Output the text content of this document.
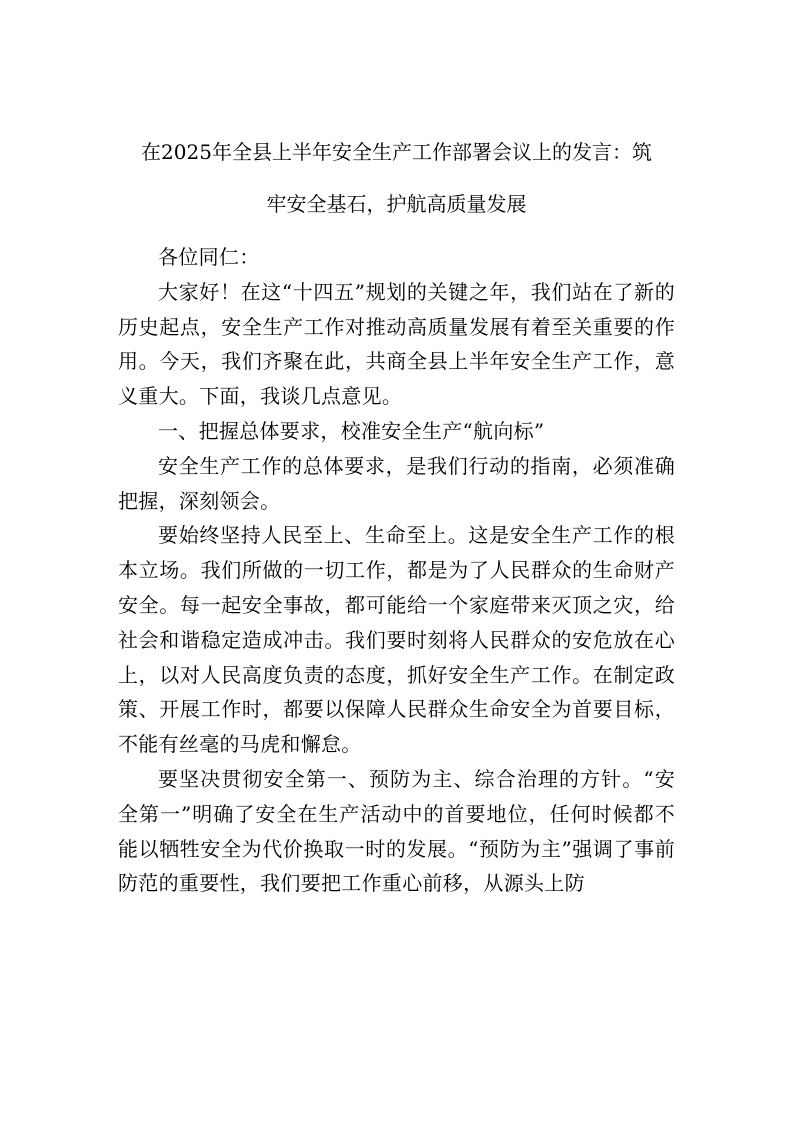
在2025年全县上半年安全生产工作部署会议上的发言：筑
牢安全基石，护航高质量发展

各位同仁：

大家好！在这“十四五”规划的关键之年，我们站在了新的历史起点，安全生产工作对推动高质量发展有着至关重要的作用。今天，我们齐聚在此，共商全县上半年安全生产工作，意义重大。下面，我谈几点意见。

一、把握总体要求，校准安全生产“航向标”

安全生产工作的总体要求，是我们行动的指南，必须准确把握，深刻领会。

要始终坚持人民至上、生命至上。这是安全生产工作的根本立场。我们所做的一切工作，都是为了人民群众的生命财产安全。每一起安全事故，都可能给一个家庭带来灭顶之灾，给社会和谐稳定造成冲击。我们要时刻将人民群众的安危放在心上，以对人民高度负责的态度，抓好安全生产工作。在制定政策、开展工作时，都要以保障人民群众生命安全为首要目标，不能有丝毫的马虎和懈怠。

要坚决贯彻安全第一、预防为主、综合治理的方针。“安全第一”明确了安全在生产活动中的首要地位，任何时候都不能以牺牲安全为代价换取一时的发展。“预防为主”强调了事前防范的重要性，我们要把工作重心前移，从源头上防
